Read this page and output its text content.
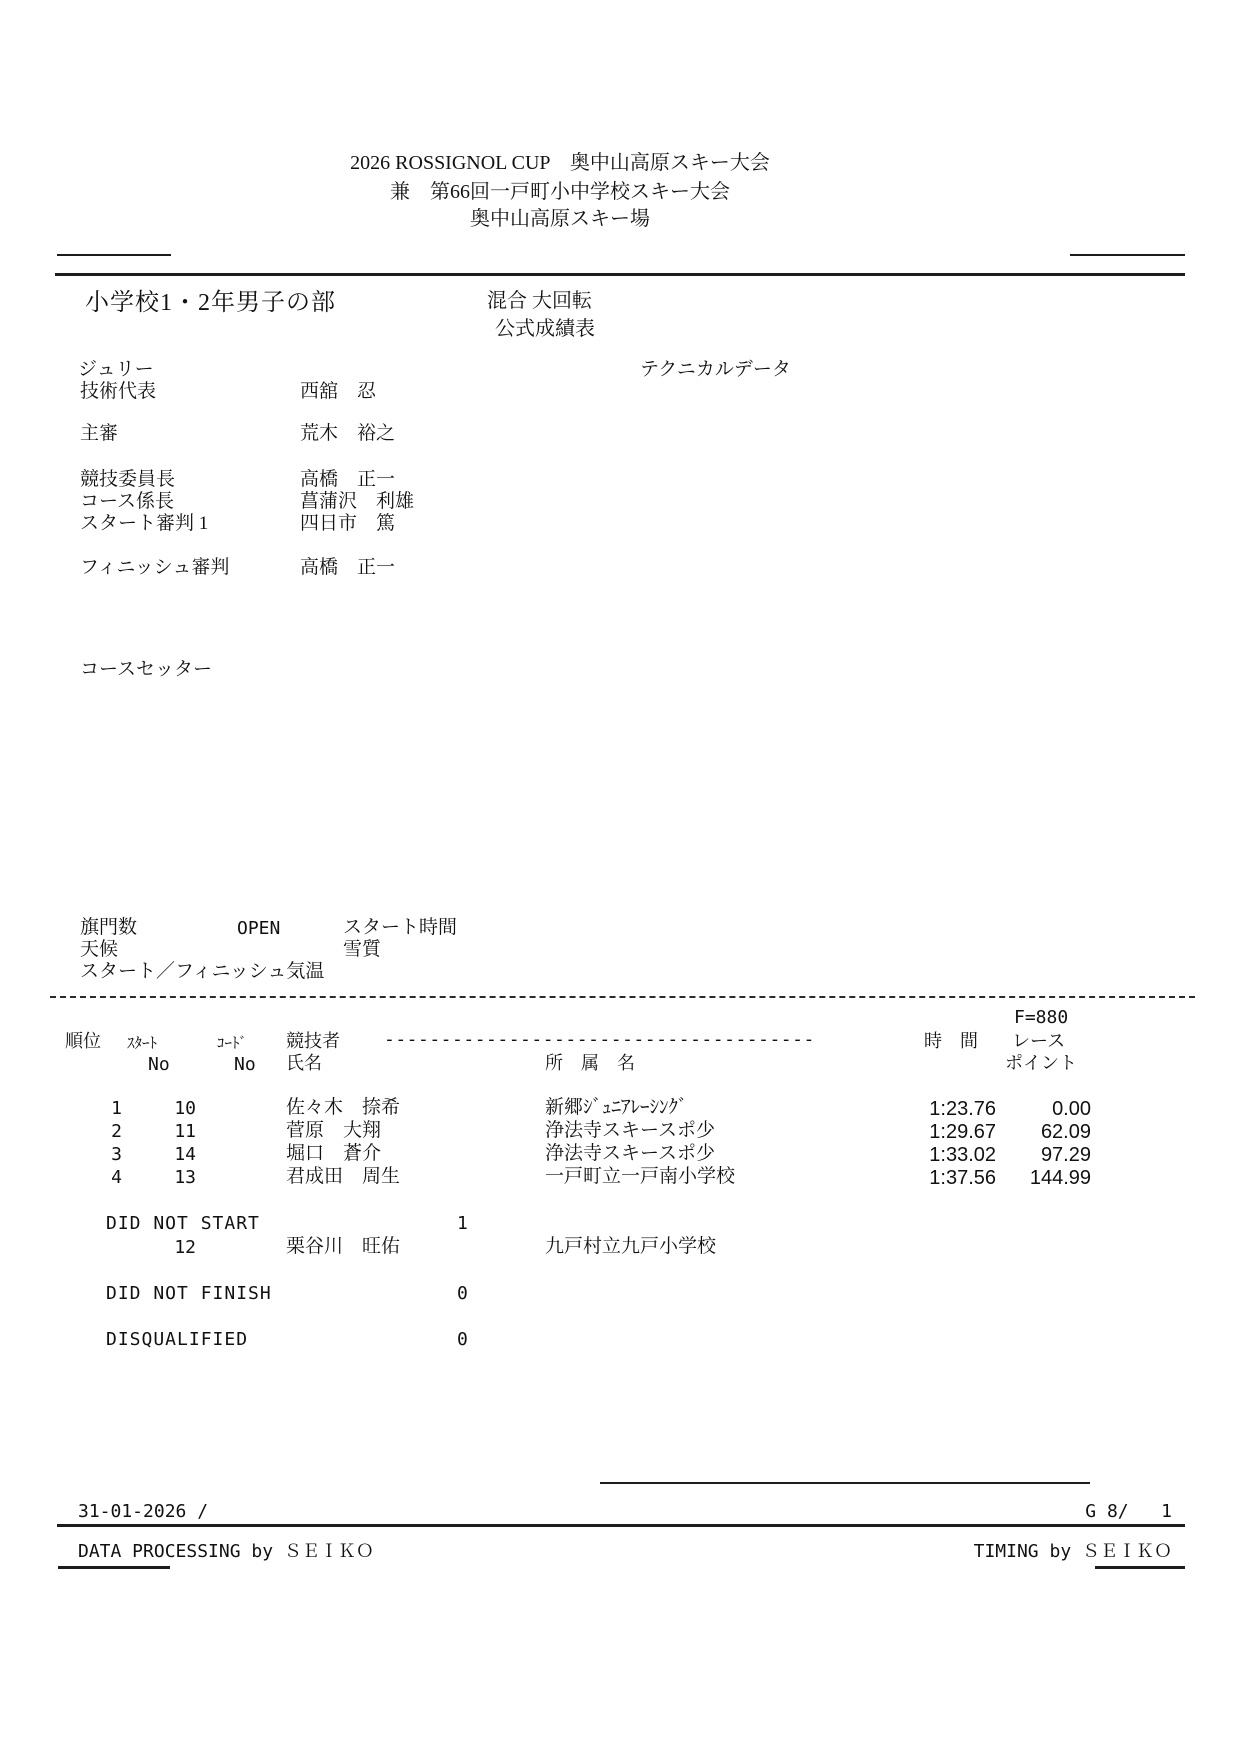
2026 ROSSIGNOL CUP　奥中山高原スキー大会
兼　第66回一戸町小中学校スキー大会
奥中山高原スキー場
小学校1・2年男子の部	混合 大回転
公式成績表
ジュリー	テクニカルデータ
技術代表	西舘　忍
主審	荒木　裕之
競技委員長	高橋　正一
コース係長	菖蒲沢　利雄
スタート審判 1	四日市　篤
フィニッシュ審判	高橋　正一
コースセッター
旗門数	OPEN	スタート時間
天候	雪質
スタート／フィニッシュ気温
F=880
順位 ｽﾀｰﾄ	ｺｰﾄﾞ 競技者 --------------------------------------	時　間 レース
No	No 氏名	所　属　名	ポイント
1	10	佐々木　捺希	新郷ｼﾞｭﾆｱﾚｰｼﾝｸﾞ	1:23.76	0.00
2	11	菅原　大翔	浄法寺スキースポ少	1:29.67	62.09
3	14	堀口　蒼介	浄法寺スキースポ少	1:33.02	97.29
4	13	君成田　周生	一戸町立一戸南小学校	1:37.56	144.99
DID NOT START	1
12	栗谷川　旺佑	九戸村立九戸小学校
DID NOT FINISH	0
DISQUALIFIED	0
31-01-2026 /	G 8/   1
DATA PROCESSING by ＳＥＩＫＯ	TIMING by ＳＥＩＫＯ
